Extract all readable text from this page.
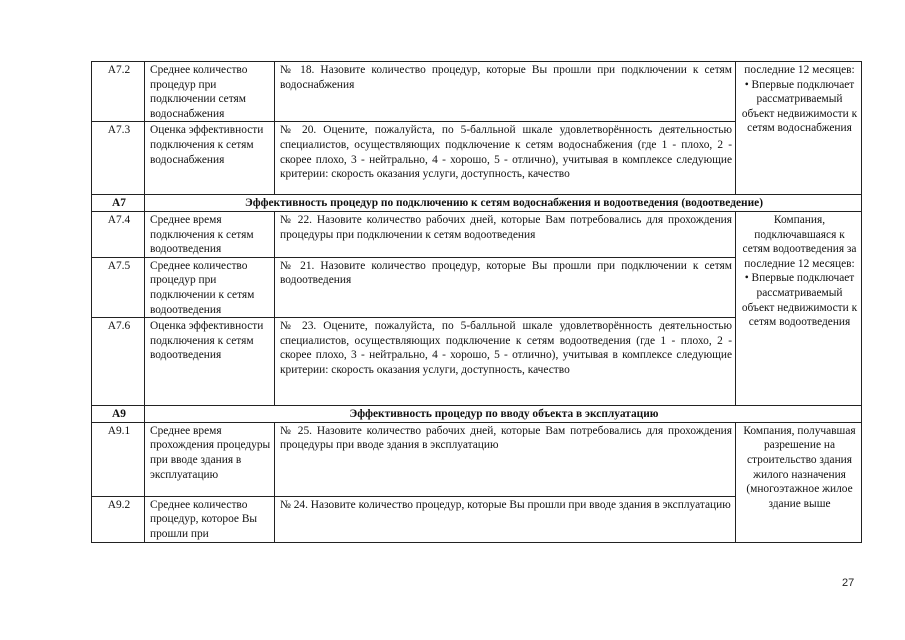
А7.2	Среднее количество процедур при подключении сетям водоснабжения	№ 18. Назовите количество процедур, которые Вы прошли при подключении к сетям водоснабжения	последние 12 месяцев: • Впервые подключает рассматриваемый объект недвижимости к сетям водоснабжения
А7.3	Оценка эффективности подключения к сетям водоснабжения	№ 20. Оцените, пожалуйста, по 5-балльной шкале удовлетворённость деятельностью специалистов, осуществляющих подключение к сетям водоснабжения (где 1 - плохо, 2 - скорее плохо, 3 - нейтрально, 4 - хорошо, 5 - отлично), учитывая в комплексе следующие критерии: скорость оказания услуги, доступность, качество	
А7	Эффективность процедур по подключению к сетям водоснабжения и водоотведения (водоотведение)		
А7.4	Среднее время подключения к сетям водоотведения	№ 22. Назовите количество рабочих дней, которые Вам потребовались для прохождения процедуры при подключении к сетям водоотведения	Компания, подключавшаяся к сетям водоотведения за последние 12 месяцев: • Впервые подключает рассматриваемый объект недвижимости к сетям водоотведения
А7.5	Среднее количество процедур при подключении к сетям водоотведения	№ 21. Назовите количество процедур, которые Вы прошли при подключении к сетям водоотведения	
А7.6	Оценка эффективности подключения к сетям водоотведения	№ 23. Оцените, пожалуйста, по 5-балльной шкале удовлетворённость деятельностью специалистов, осуществляющих подключение к сетям водоотведения (где 1 - плохо, 2 - скорее плохо, 3 - нейтрально, 4 - хорошо, 5 - отлично), учитывая в комплексе следующие критерии: скорость оказания услуги, доступность, качество	
А9	Эффективность процедур по вводу объекта в эксплуатацию		
А9.1	Среднее время прохождения процедуры при вводе здания в эксплуатацию	№ 25. Назовите количество рабочих дней, которые Вам потребовались для прохождения процедуры при вводе здания в эксплуатацию	Компания, получавшая разрешение на строительство здания жилого назначения (многоэтажное жилое здание выше
А9.2	Среднее количество процедур, которое Вы прошли при	№ 24. Назовите количество процедур, которые Вы прошли при вводе здания в эксплуатацию	
27
